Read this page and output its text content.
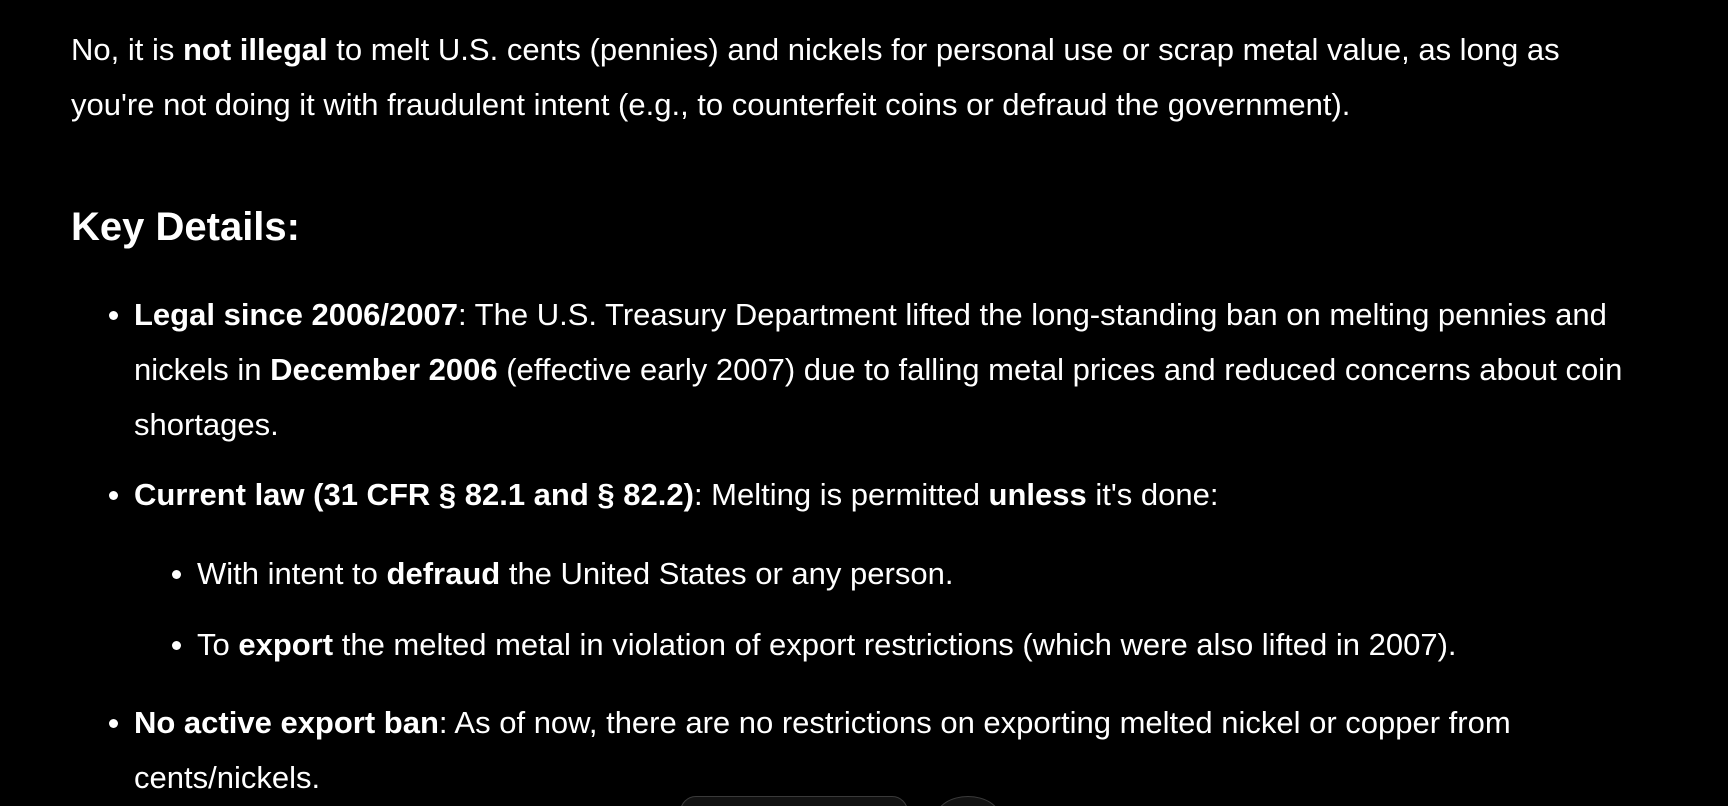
No, it is not illegal to melt U.S. cents (pennies) and nickels for personal use or scrap metal value, as long as you're not doing it with fraudulent intent (e.g., to counterfeit coins or defraud the government).

Key Details:
Legal since 2006/2007: The U.S. Treasury Department lifted the long-standing ban on melting pennies and nickels in December 2006 (effective early 2007) due to falling metal prices and reduced concerns about coin shortages.
Current law (31 CFR § 82.1 and § 82.2): Melting is permitted unless it's done:
With intent to defraud the United States or any person.
To export the melted metal in violation of export restrictions (which were also lifted in 2007).
No active export ban: As of now, there are no restrictions on exporting melted nickel or copper from cents/nickels.
